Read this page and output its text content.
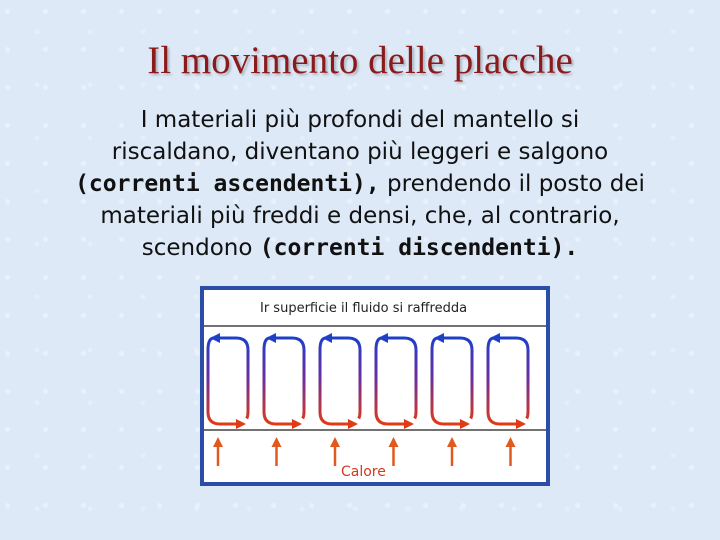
Il movimento delle placche
I materiali più profondi del mantello si
riscaldano, diventano più leggeri e salgono
(correnti ascendenti), prendendo il posto dei
materiali più freddi e densi, che, al contrario,
scendono (correnti discendenti).
Ir superficie il fluido si raffredda
Calore
